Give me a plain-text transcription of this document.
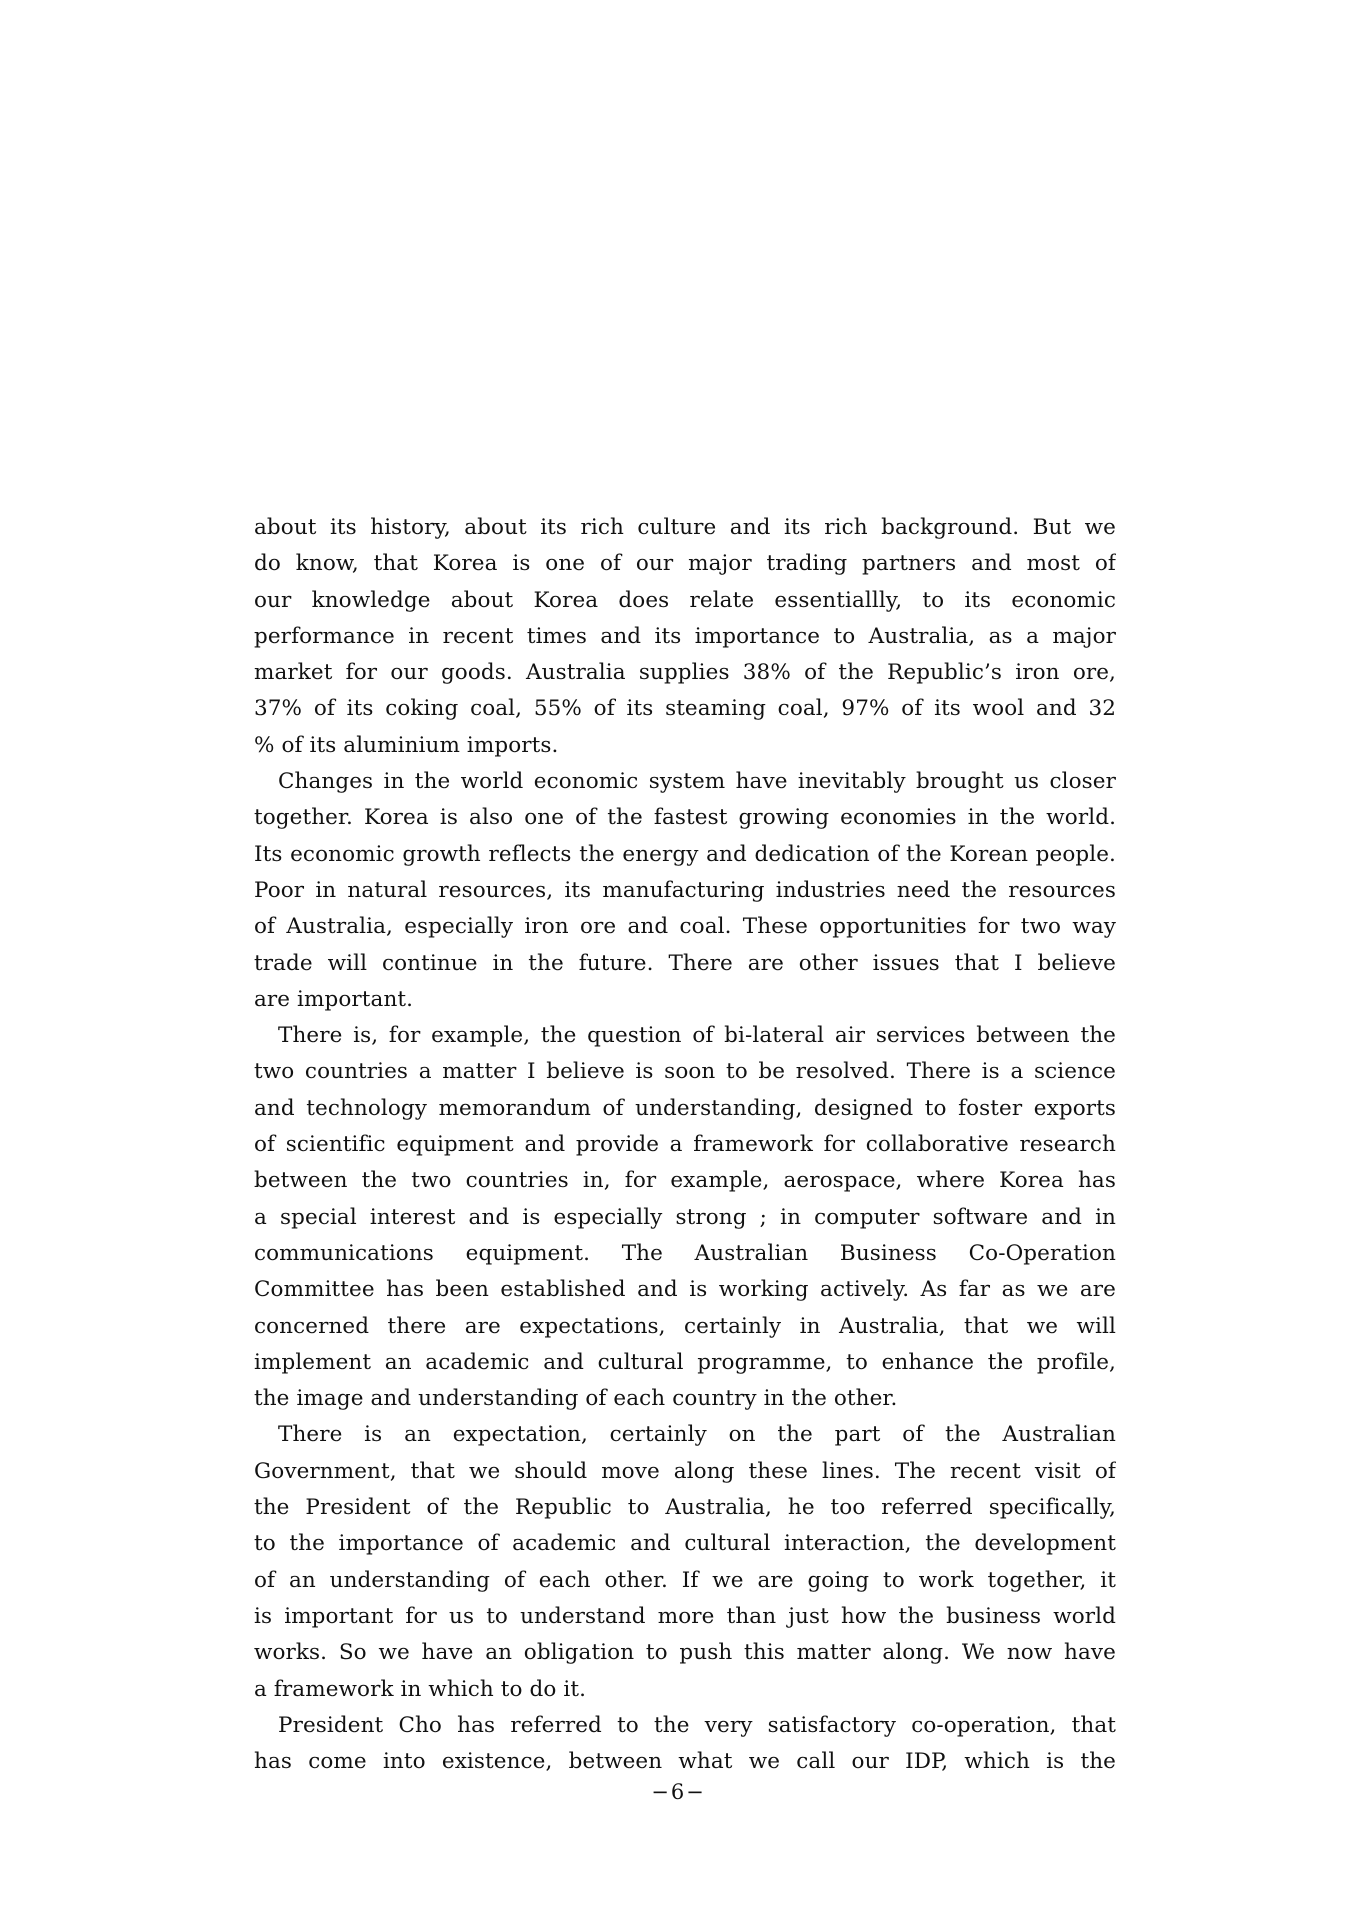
about its history, about its rich culture and its rich background. But we
do know, that Korea is one of our major trading partners and most of
our knowledge about Korea does relate essentiallly, to its economic
performance in recent times and its importance to Australia, as a major
market for our goods. Australia supplies 38% of the Republic’s iron ore,
37% of its coking coal, 55% of its steaming coal, 97% of its wool and 32
% of its aluminium imports.
Changes in the world economic system have inevitably brought us closer
together. Korea is also one of the fastest growing economies in the world.
Its economic growth reflects the energy and dedication of the Korean people.
Poor in natural resources, its manufacturing industries need the resources
of Australia, especially iron ore and coal. These opportunities for two way
trade will continue in the future. There are other issues that I believe
are important.
There is, for example, the question of bi-lateral air services between the
two countries a matter I believe is soon to be resolved. There is a science
and technology memorandum of understanding, designed to foster exports
of scientific equipment and provide a framework for collaborative research
between the two countries in, for example, aerospace, where Korea has
a special interest and is especially strong ; in computer software and in
communications equipment. The Australian Business Co-Operation
Committee has been established and is working actively. As far as we are
concerned there are expectations, certainly in Australia, that we will
implement an academic and cultural programme, to enhance the profile,
the image and understanding of each country in the other.
There is an expectation, certainly on the part of the Australian
Government, that we should move along these lines. The recent visit of
the President of the Republic to Australia, he too referred specifically,
to the importance of academic and cultural interaction, the development
of an understanding of each other. If we are going to work together, it
is important for us to understand more than just how the business world
works. So we have an obligation to push this matter along. We now have
a framework in which to do it.
President Cho has referred to the very satisfactory co-operation, that
has come into existence, between what we call our IDP, which is the
−6−
